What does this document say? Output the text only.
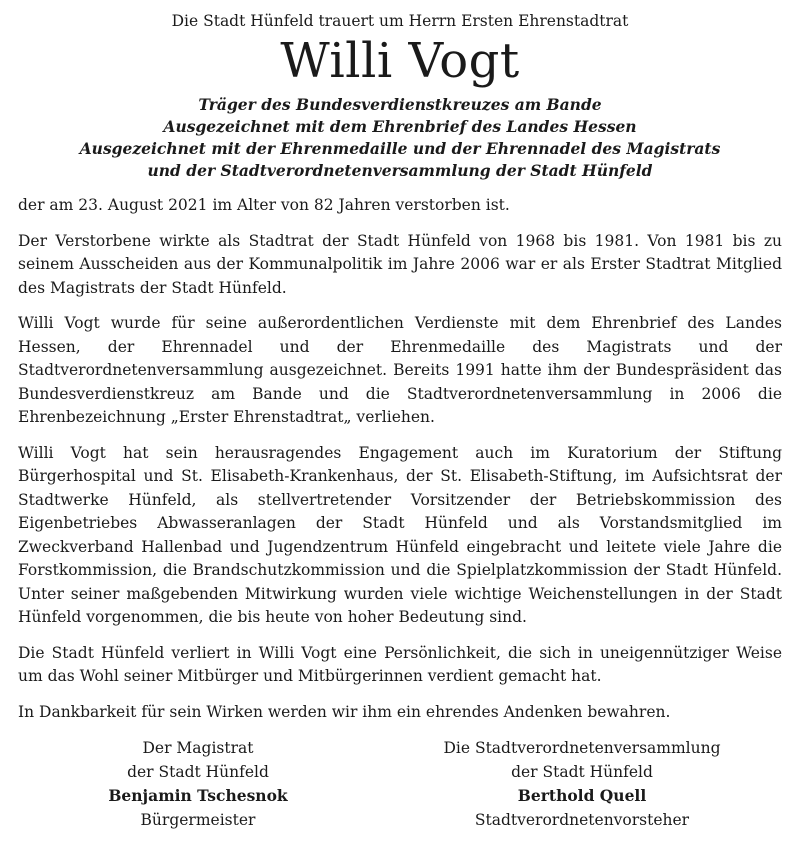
Die Stadt Hünfeld trauert um Herrn Ersten Ehrenstadtrat

Willi Vogt
Träger des Bundesverdienstkreuzes am Bande
Ausgezeichnet mit dem Ehrenbrief des Landes Hessen
Ausgezeichnet mit der Ehrenmedaille und der Ehrennadel des Magistrats
und der Stadtverordnetenversammlung der Stadt Hünfeld

der am 23. August 2021 im Alter von 82 Jahren verstorben ist.

Der Verstorbene wirkte als Stadtrat der Stadt Hünfeld von 1968 bis 1981. Von 1981 bis zu seinem Ausscheiden aus der Kommunalpolitik im Jahre 2006 war er als Erster Stadtrat Mitglied des Magistrats der Stadt Hünfeld.

Willi Vogt wurde für seine außerordentlichen Verdienste mit dem Ehrenbrief des Landes Hessen, der Ehrennadel und der Ehrenmedaille des Magistrats und der Stadtverordnetenversammlung ausgezeichnet. Bereits 1991 hatte ihm der Bundespräsident das Bundesverdienstkreuz am Bande und die Stadtverordnetenversammlung in 2006 die Ehrenbezeichnung „Erster Ehrenstadtrat„ verliehen.

Willi Vogt hat sein herausragendes Engagement auch im Kuratorium der Stiftung Bürgerhospital und St. Elisabeth-Krankenhaus, der St. Elisabeth-Stiftung, im Aufsichtsrat der Stadtwerke Hünfeld, als stellvertretender Vorsitzender der Betriebskommission des Eigenbetriebes Abwasseranlagen der Stadt Hünfeld und als Vorstandsmitglied im Zweckverband Hallenbad und Jugendzentrum Hünfeld eingebracht und leitete viele Jahre die Forstkommission, die Brandschutzkommission und die Spielplatzkommission der Stadt Hünfeld. Unter seiner maßgebenden Mitwirkung wurden viele wichtige Weichenstellungen in der Stadt Hünfeld vorgenommen, die bis heute von hoher Bedeutung sind.

Die Stadt Hünfeld verliert in Willi Vogt eine Persönlichkeit, die sich in uneigennütziger Weise um das Wohl seiner Mitbürger und Mitbürgerinnen verdient gemacht hat.

In Dankbarkeit für sein Wirken werden wir ihm ein ehrendes Andenken bewahren.

Der Magistrat
der Stadt Hünfeld
Benjamin Tschesnok
Bürgermeister
Die Stadtverordnetenversammlung
der Stadt Hünfeld
Berthold Quell
Stadtverordnetenvorsteher
